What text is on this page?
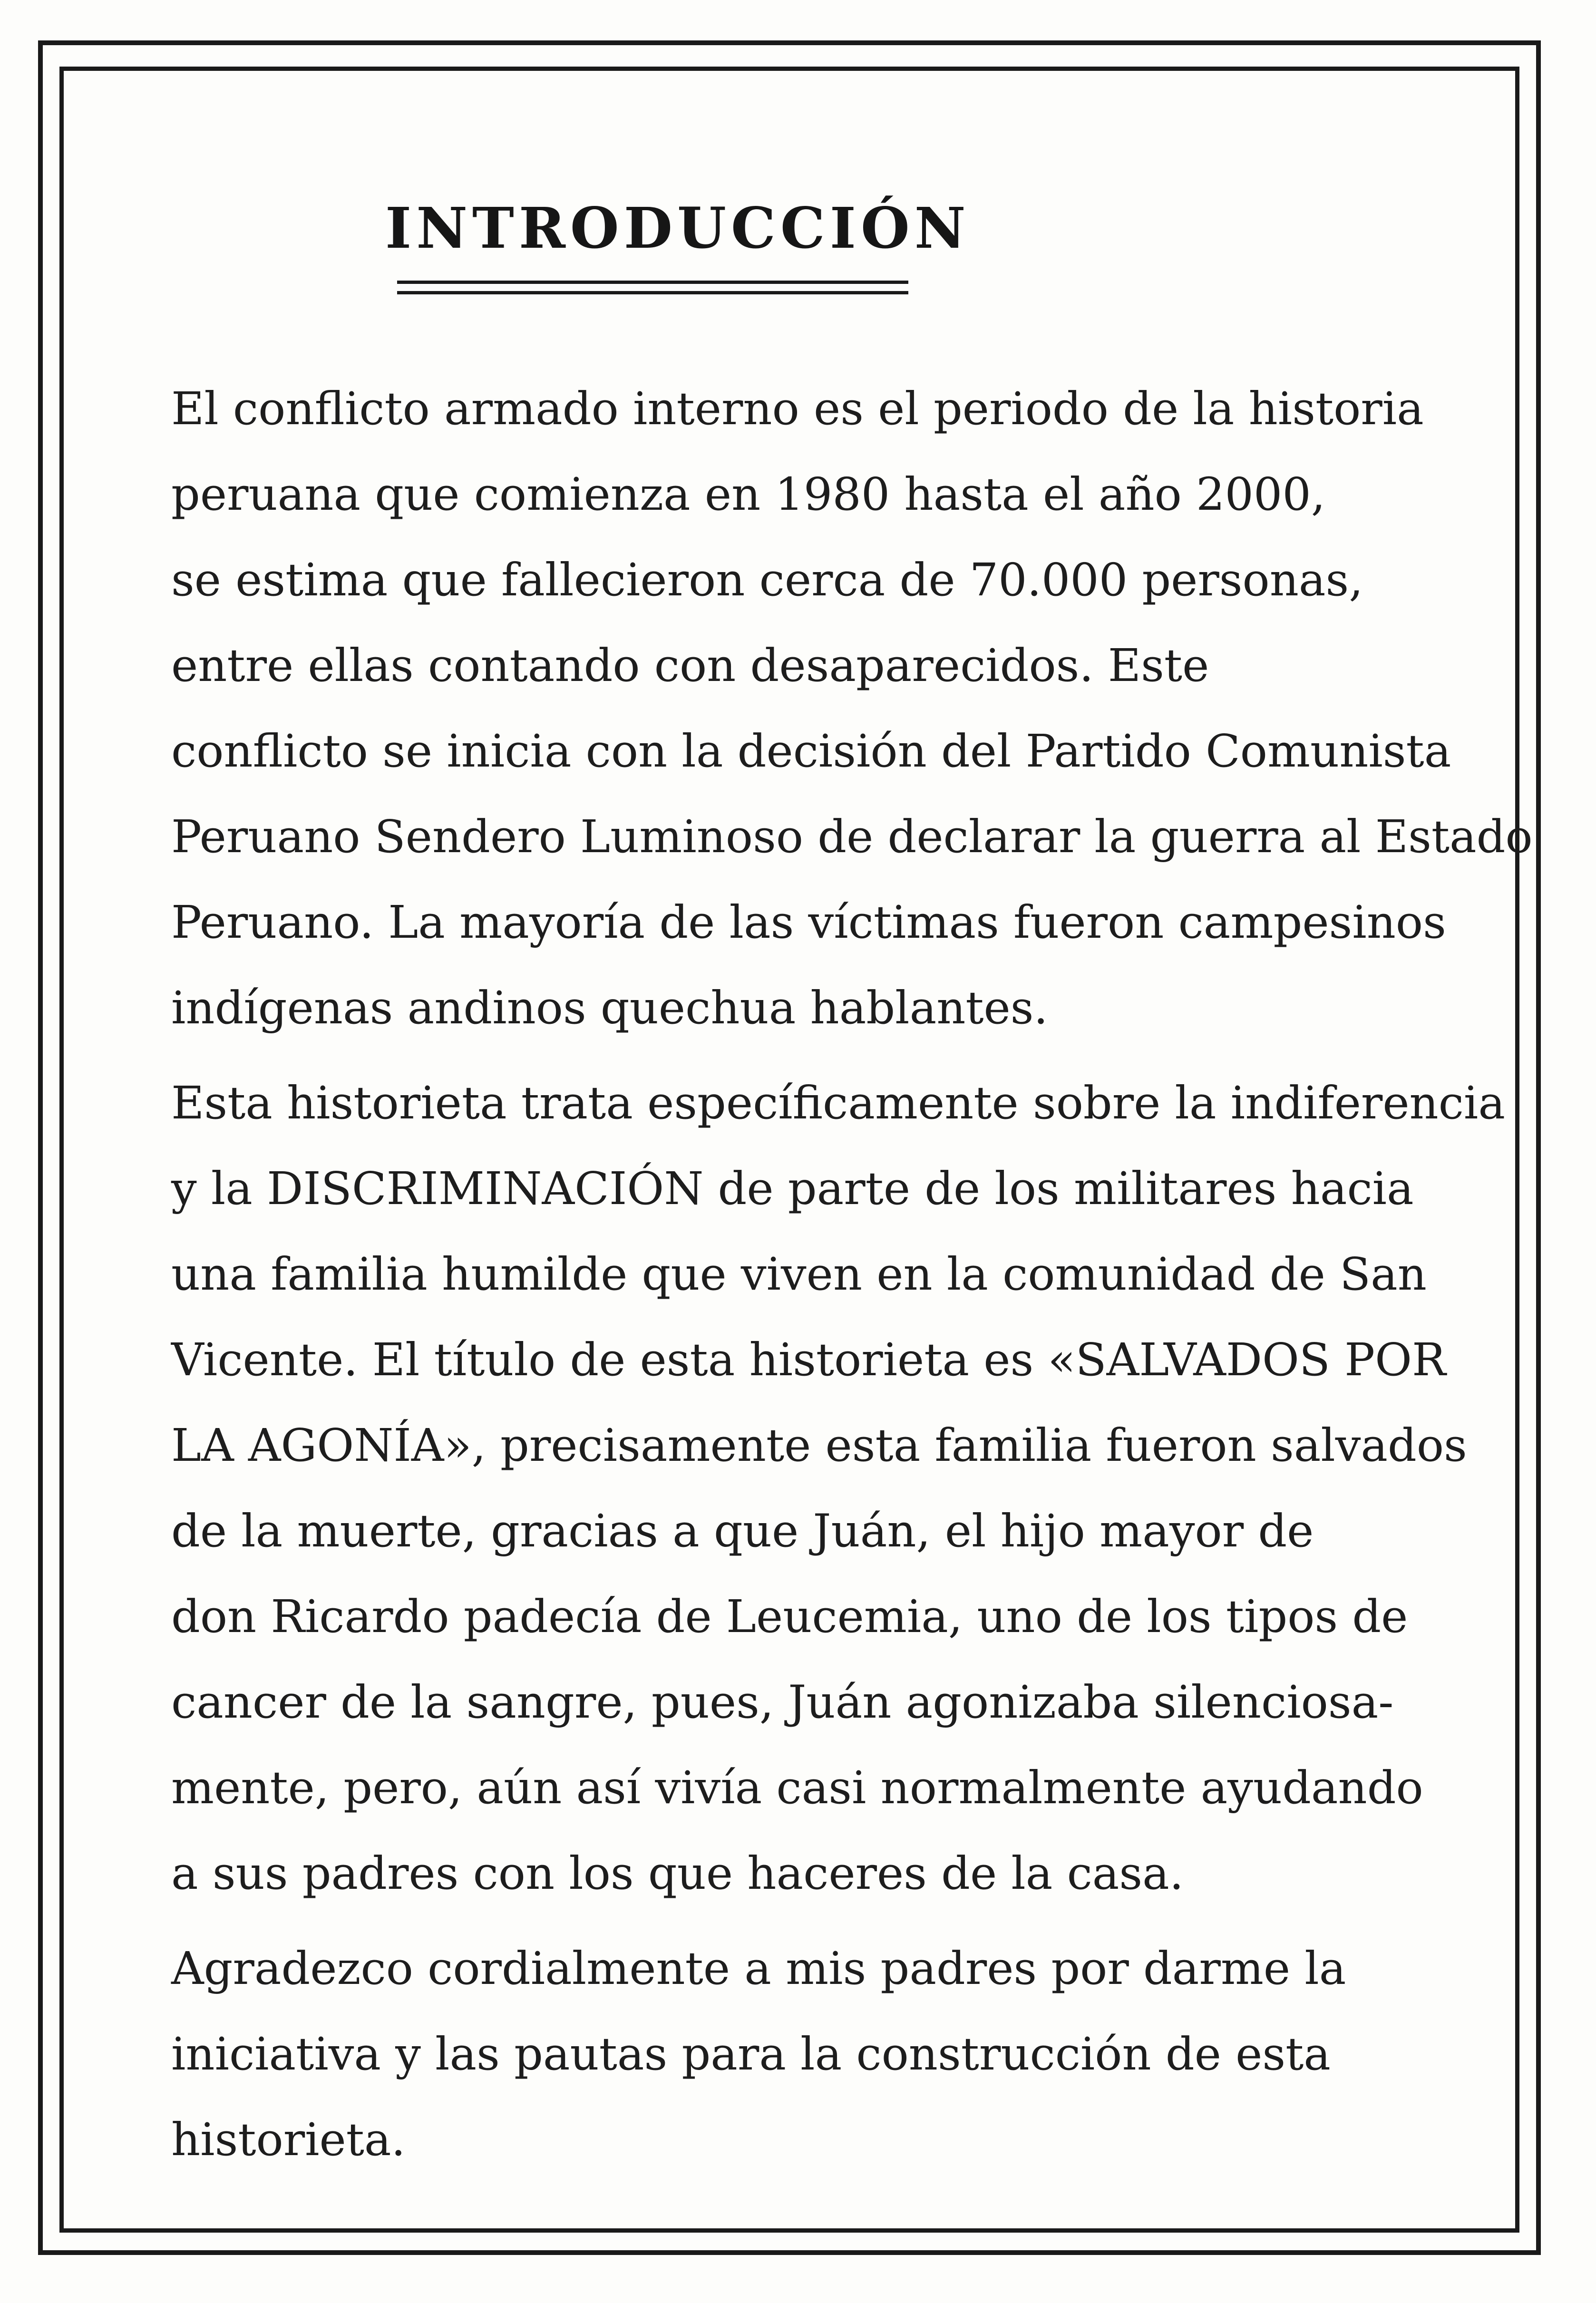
INTRODUCCIÓN
El conflicto armado interno es el periodo de la historia
peruana que comienza en 1980 hasta el año 2000,
se estima que fallecieron cerca de 70.000 personas,
entre ellas contando con desaparecidos. Este
conflicto se inicia con la decisión del Partido Comunista
Peruano Sendero Luminoso de declarar la guerra al Estado
Peruano. La mayoría de las víctimas fueron campesinos
indígenas andinos quechua hablantes.
Esta historieta trata específicamente sobre la indiferencia
y la DISCRIMINACIÓN de parte de los militares hacia
una familia humilde que viven en la comunidad de San
Vicente. El título de esta historieta es «SALVADOS POR
LA AGONÍA», precisamente esta familia fueron salvados
de la muerte, gracias a que Juán, el hijo mayor de
don Ricardo padecía de Leucemia, uno de los tipos de
cancer de la sangre, pues, Juán agonizaba silenciosa-
mente, pero, aún así vivía casi normalmente ayudando
a sus padres con los que haceres de la casa.
Agradezco cordialmente a mis padres por darme la
iniciativa y las pautas para la construcción de esta
historieta.
